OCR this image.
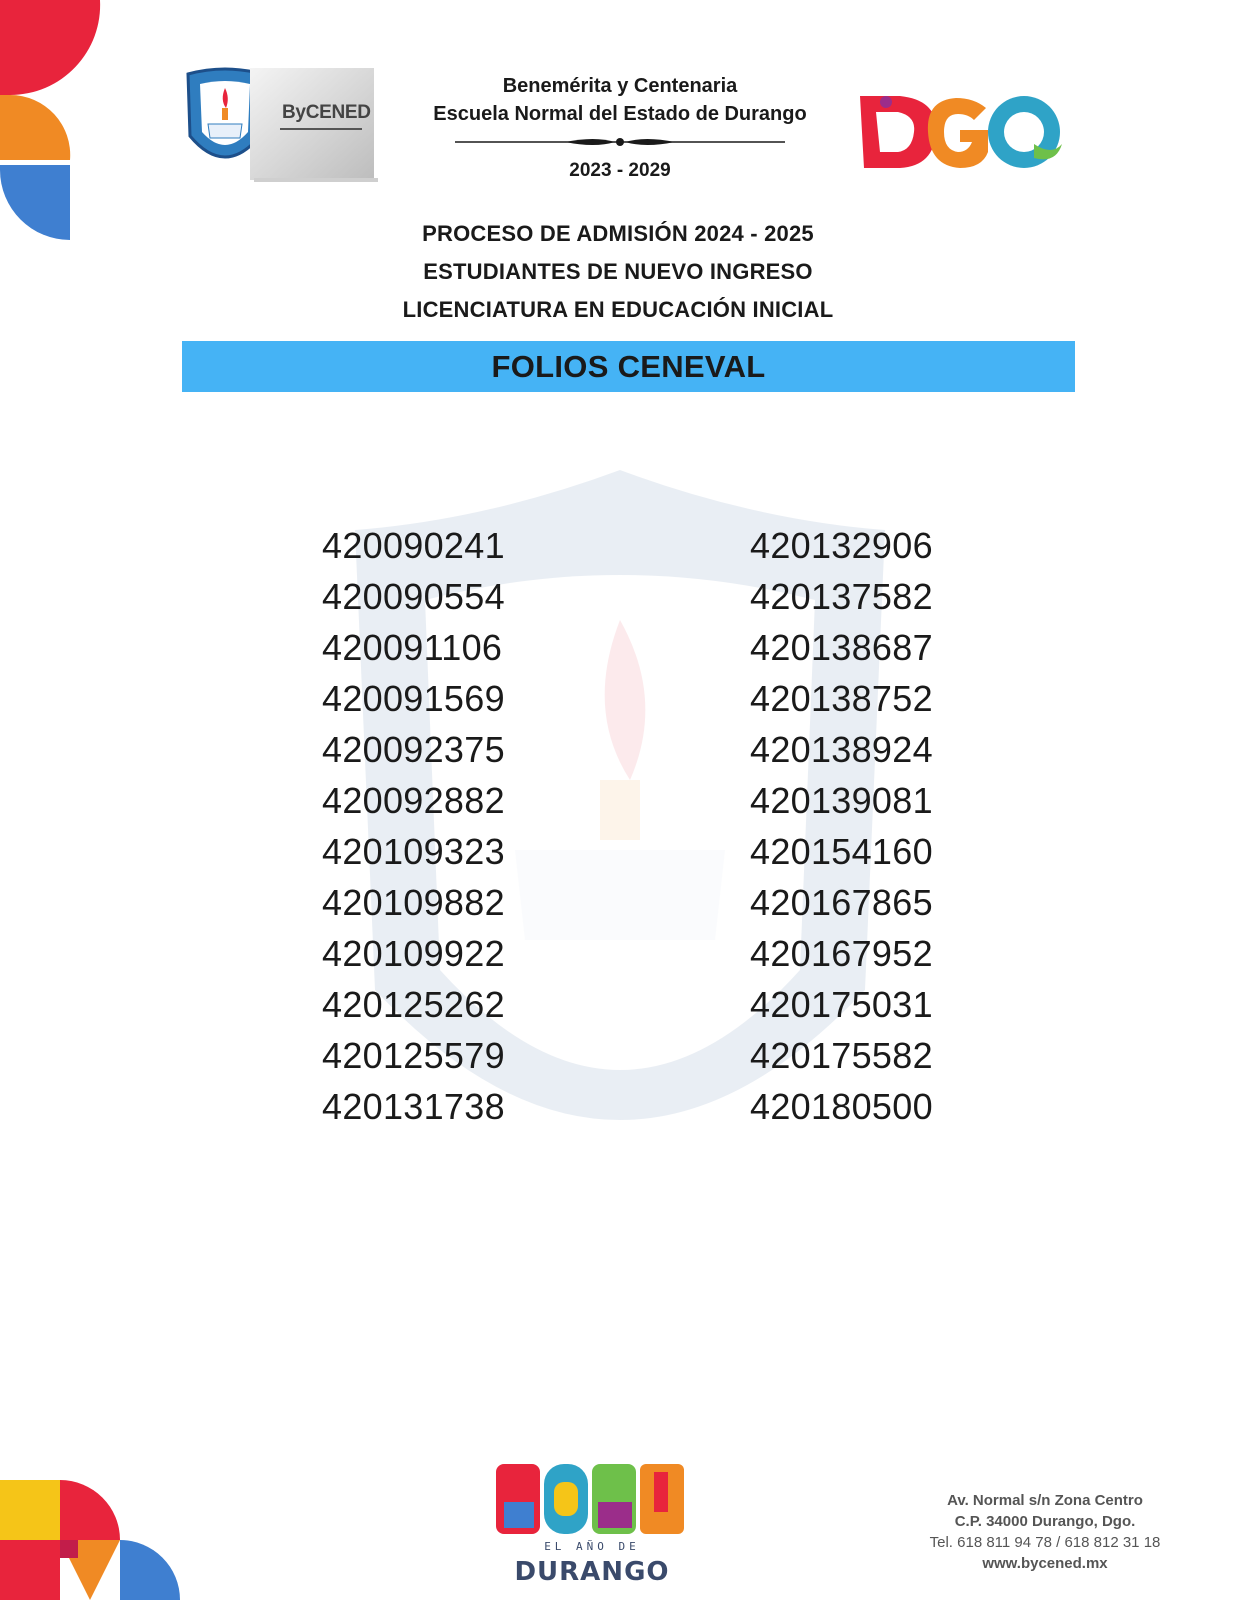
ByCENED
Benemérita y Centenaria
Escuela Normal del Estado de Durango
2023 - 2029
PROCESO DE ADMISIÓN 2024 - 2025
ESTUDIANTES DE NUEVO INGRESO
LICENCIATURA EN EDUCACIÓN INICIAL
FOLIOS CENEVAL
420090241
420090554
420091106
420091569
420092375
420092882
420109323
420109882
420109922
420125262
420125579
420131738
420132906
420137582
420138687
420138752
420138924
420139081
420154160
420167865
420167952
420175031
420175582
420180500
EL AÑO DE
DURANGO
Av. Normal s/n Zona Centro
C.P. 34000 Durango, Dgo.
Tel. 618 811 94 78 / 618 812 31 18
www.bycened.mx
